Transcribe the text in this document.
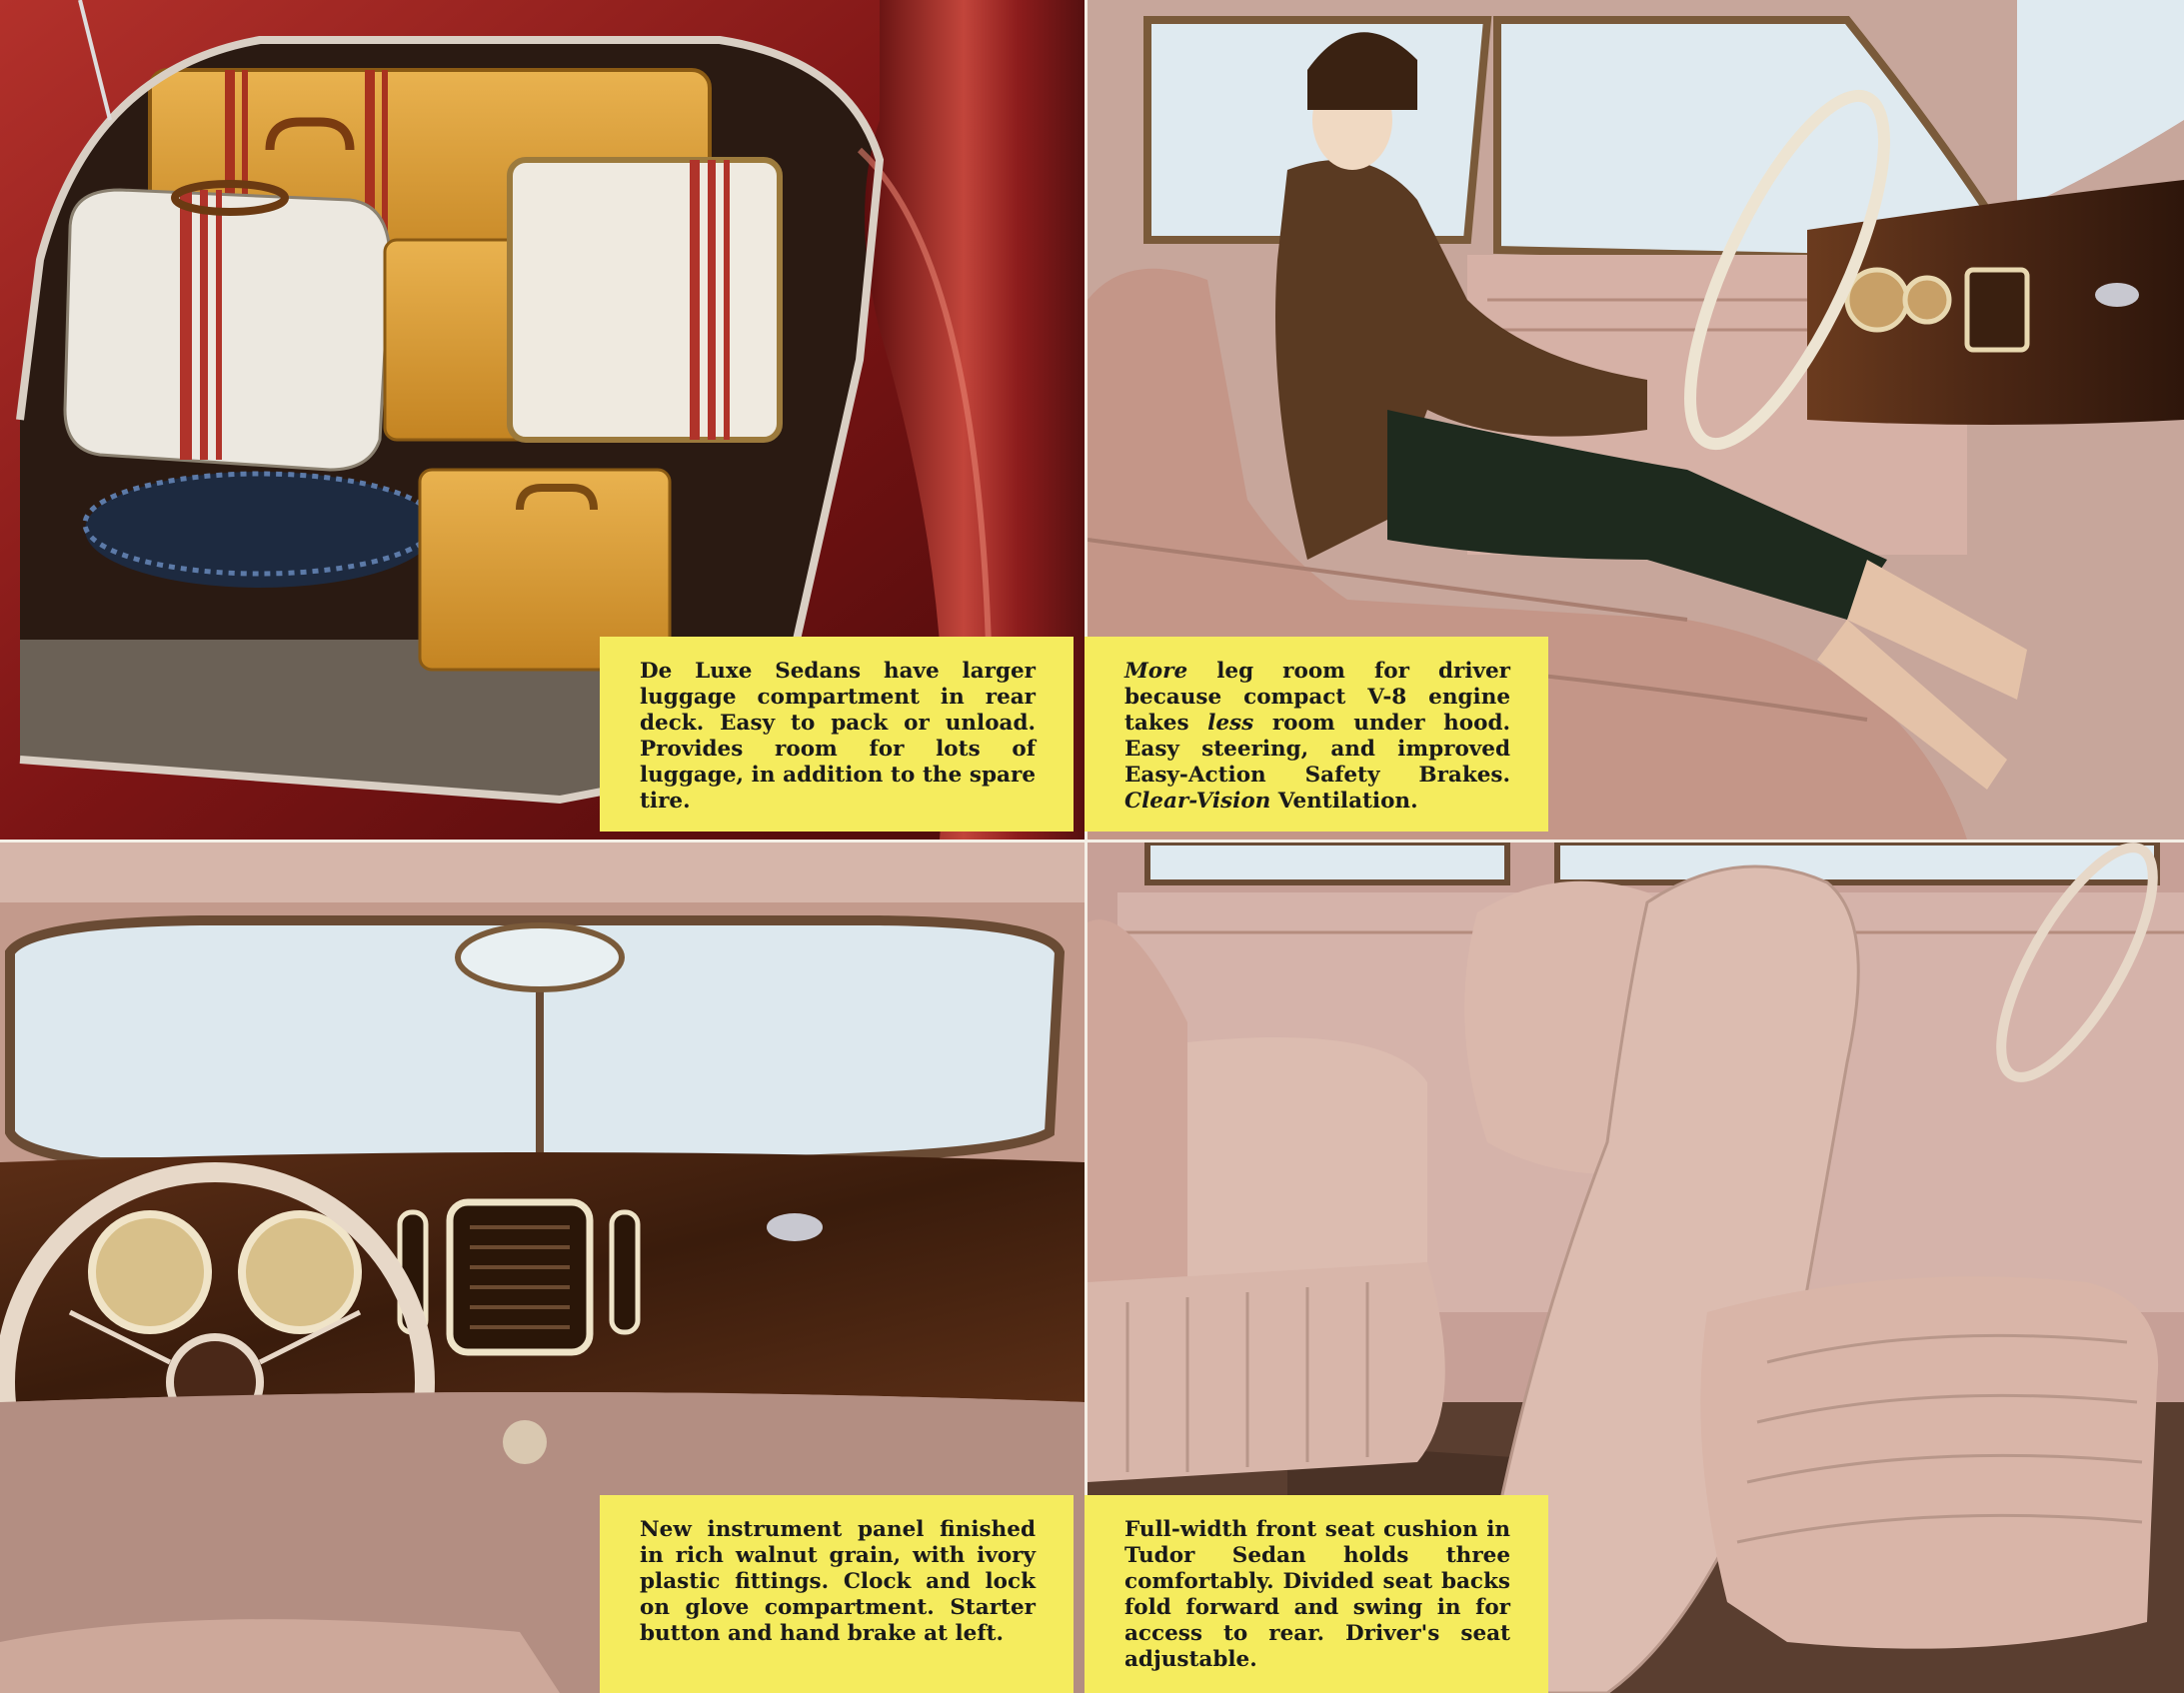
De Luxe Sedans have larger luggage compartment in rear deck. Easy to pack or unload. Provides room for lots of luggage, in addition to the spare tire.

More leg room for driver because compact V-8 engine takes less room under hood. Easy steering, and improved Easy-Action Safety Brakes. Clear-Vision Ventilation.

New instrument panel finished in rich walnut grain, with ivory plastic fittings. Clock and lock on glove compartment. Starter button and hand brake at left.

Full-width front seat cushion in Tudor Sedan holds three comfortably. Divided seat backs fold forward and swing in for access to rear. Driver's seat adjustable.
